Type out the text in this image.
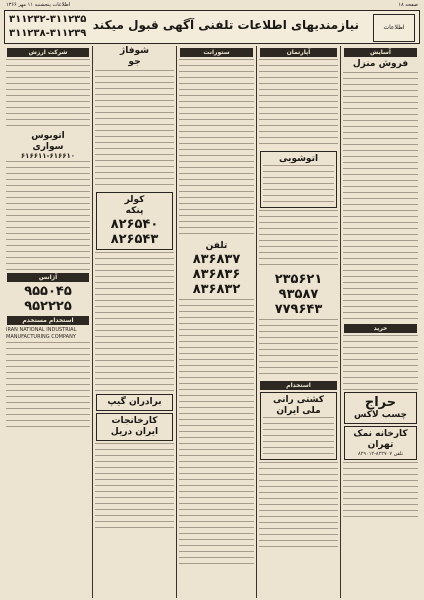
صفحه ۱۸
اطلاعات پنجشنبه ۱۱ مهر ۱۳۶۶
اطلاعات
نیازمندیهای اطلاعات تلفنی آگهی قبول میکند
۳۱۱۲۳۲-۳۱۱۲۳۵
۳۱۱۲۳۸-۳۱۱۲۳۹
آسایش
فروش منزل
خرید
حراج
چسب لاکس
کارخانه نمک تهران
تلفن ۸۲۲۷۰۷-۸۲۹۰۱۲
آپارتمان
اتوشویی
۲۳۵۶۲۱
۹۳۵۸۷
۷۷۹۶۴۳
استخدام
کشتی رانی ملی ایران
ستورانت
تلفن
۸۳۶۸۳۷
۸۳۶۸۳۶
۸۳۶۸۳۲
شوفاژ
جو
کولر
پنکه
۸۲۶۵۴۰
۸۲۶۵۴۳
برادران گیپ
کارخانجات ایران دریل
شرکت ارزش
اتوبوس
سواری
۶۱۶۶۱۱-۶۱۶۶۱۰
آژانس
۹۵۵۰۴۵
۹۵۲۲۲۵
استخدام مستخدم
IRAN NATIONAL INDUSTRIAL MANUFACTURING COMPANY
